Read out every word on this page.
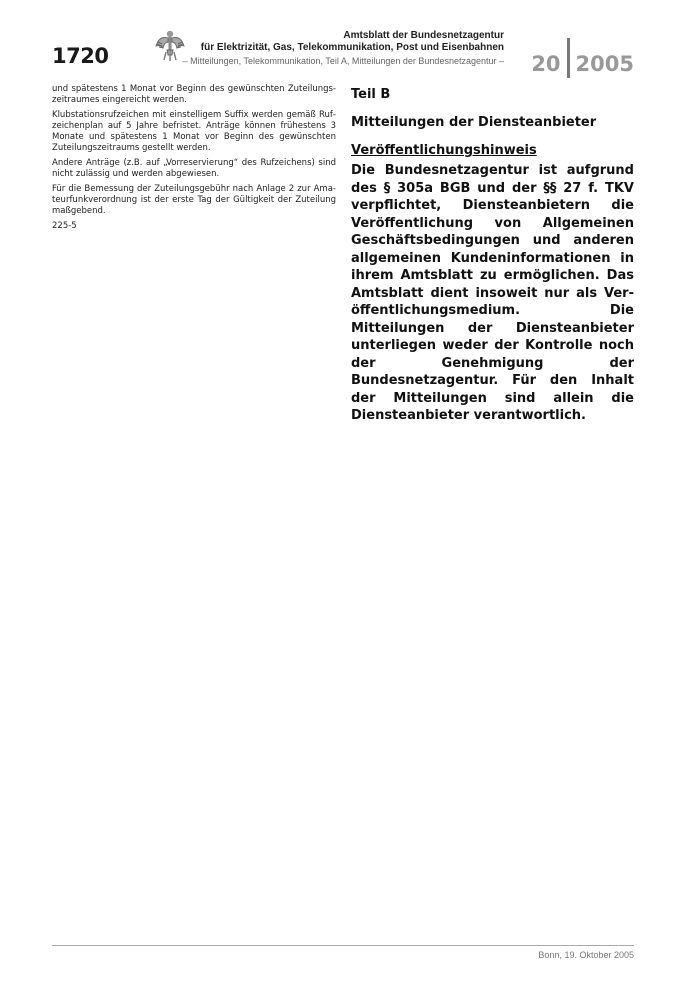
1720
Amtsblatt der Bundesnetzagentur
für Elektrizität, Gas, Telekommunikation, Post und Eisenbahnen
– Mitteilungen, Telekommunikation, Teil A, Mitteilungen der Bundesnetzagentur – 20 2005

und spätestens 1 Monat vor Beginn des gewünschten Zuteilungszeitraumes eingereicht werden.

Klubstationsrufzeichen mit einstelligem Suffix werden gemäß Rufzeichenplan auf 5 Jahre befristet. Anträge können frühestens 3 Monate und spätestens 1 Monat vor Beginn des gewünschten Zuteilungszeitraums gestellt werden.

Andere Anträge (z.B. auf „Vorreservierung“ des Rufzeichens) sind nicht zulässig und werden abgewiesen.

Für die Bemessung der Zuteilungsgebühr nach Anlage 2 zur Amateurfunkverordnung ist der erste Tag der Gültigkeit der Zuteilung maßgebend.

225-5

Teil B
Mitteilungen der Diensteanbieter
Veröffentlichungshinweis

Die Bundesnetzagentur ist aufgrund des § 305a BGB und der §§ 27 f. TKV verpflichtet, Diensteanbietern die Veröffentlichung von Allgemeinen Geschäftsbedingungen und anderen allgemeinen Kundeninformationen in ihrem Amtsblatt zu ermöglichen. Das Amtsblatt dient insoweit nur als Veröffentlichungsmedium. Die Mitteilungen der Diensteanbieter unterliegen weder der Kontrolle noch der Genehmigung der Bundesnetzagentur. Für den Inhalt der Mitteilungen sind allein die Diensteanbieter verantwortlich.

Bonn, 19. Oktober 2005
